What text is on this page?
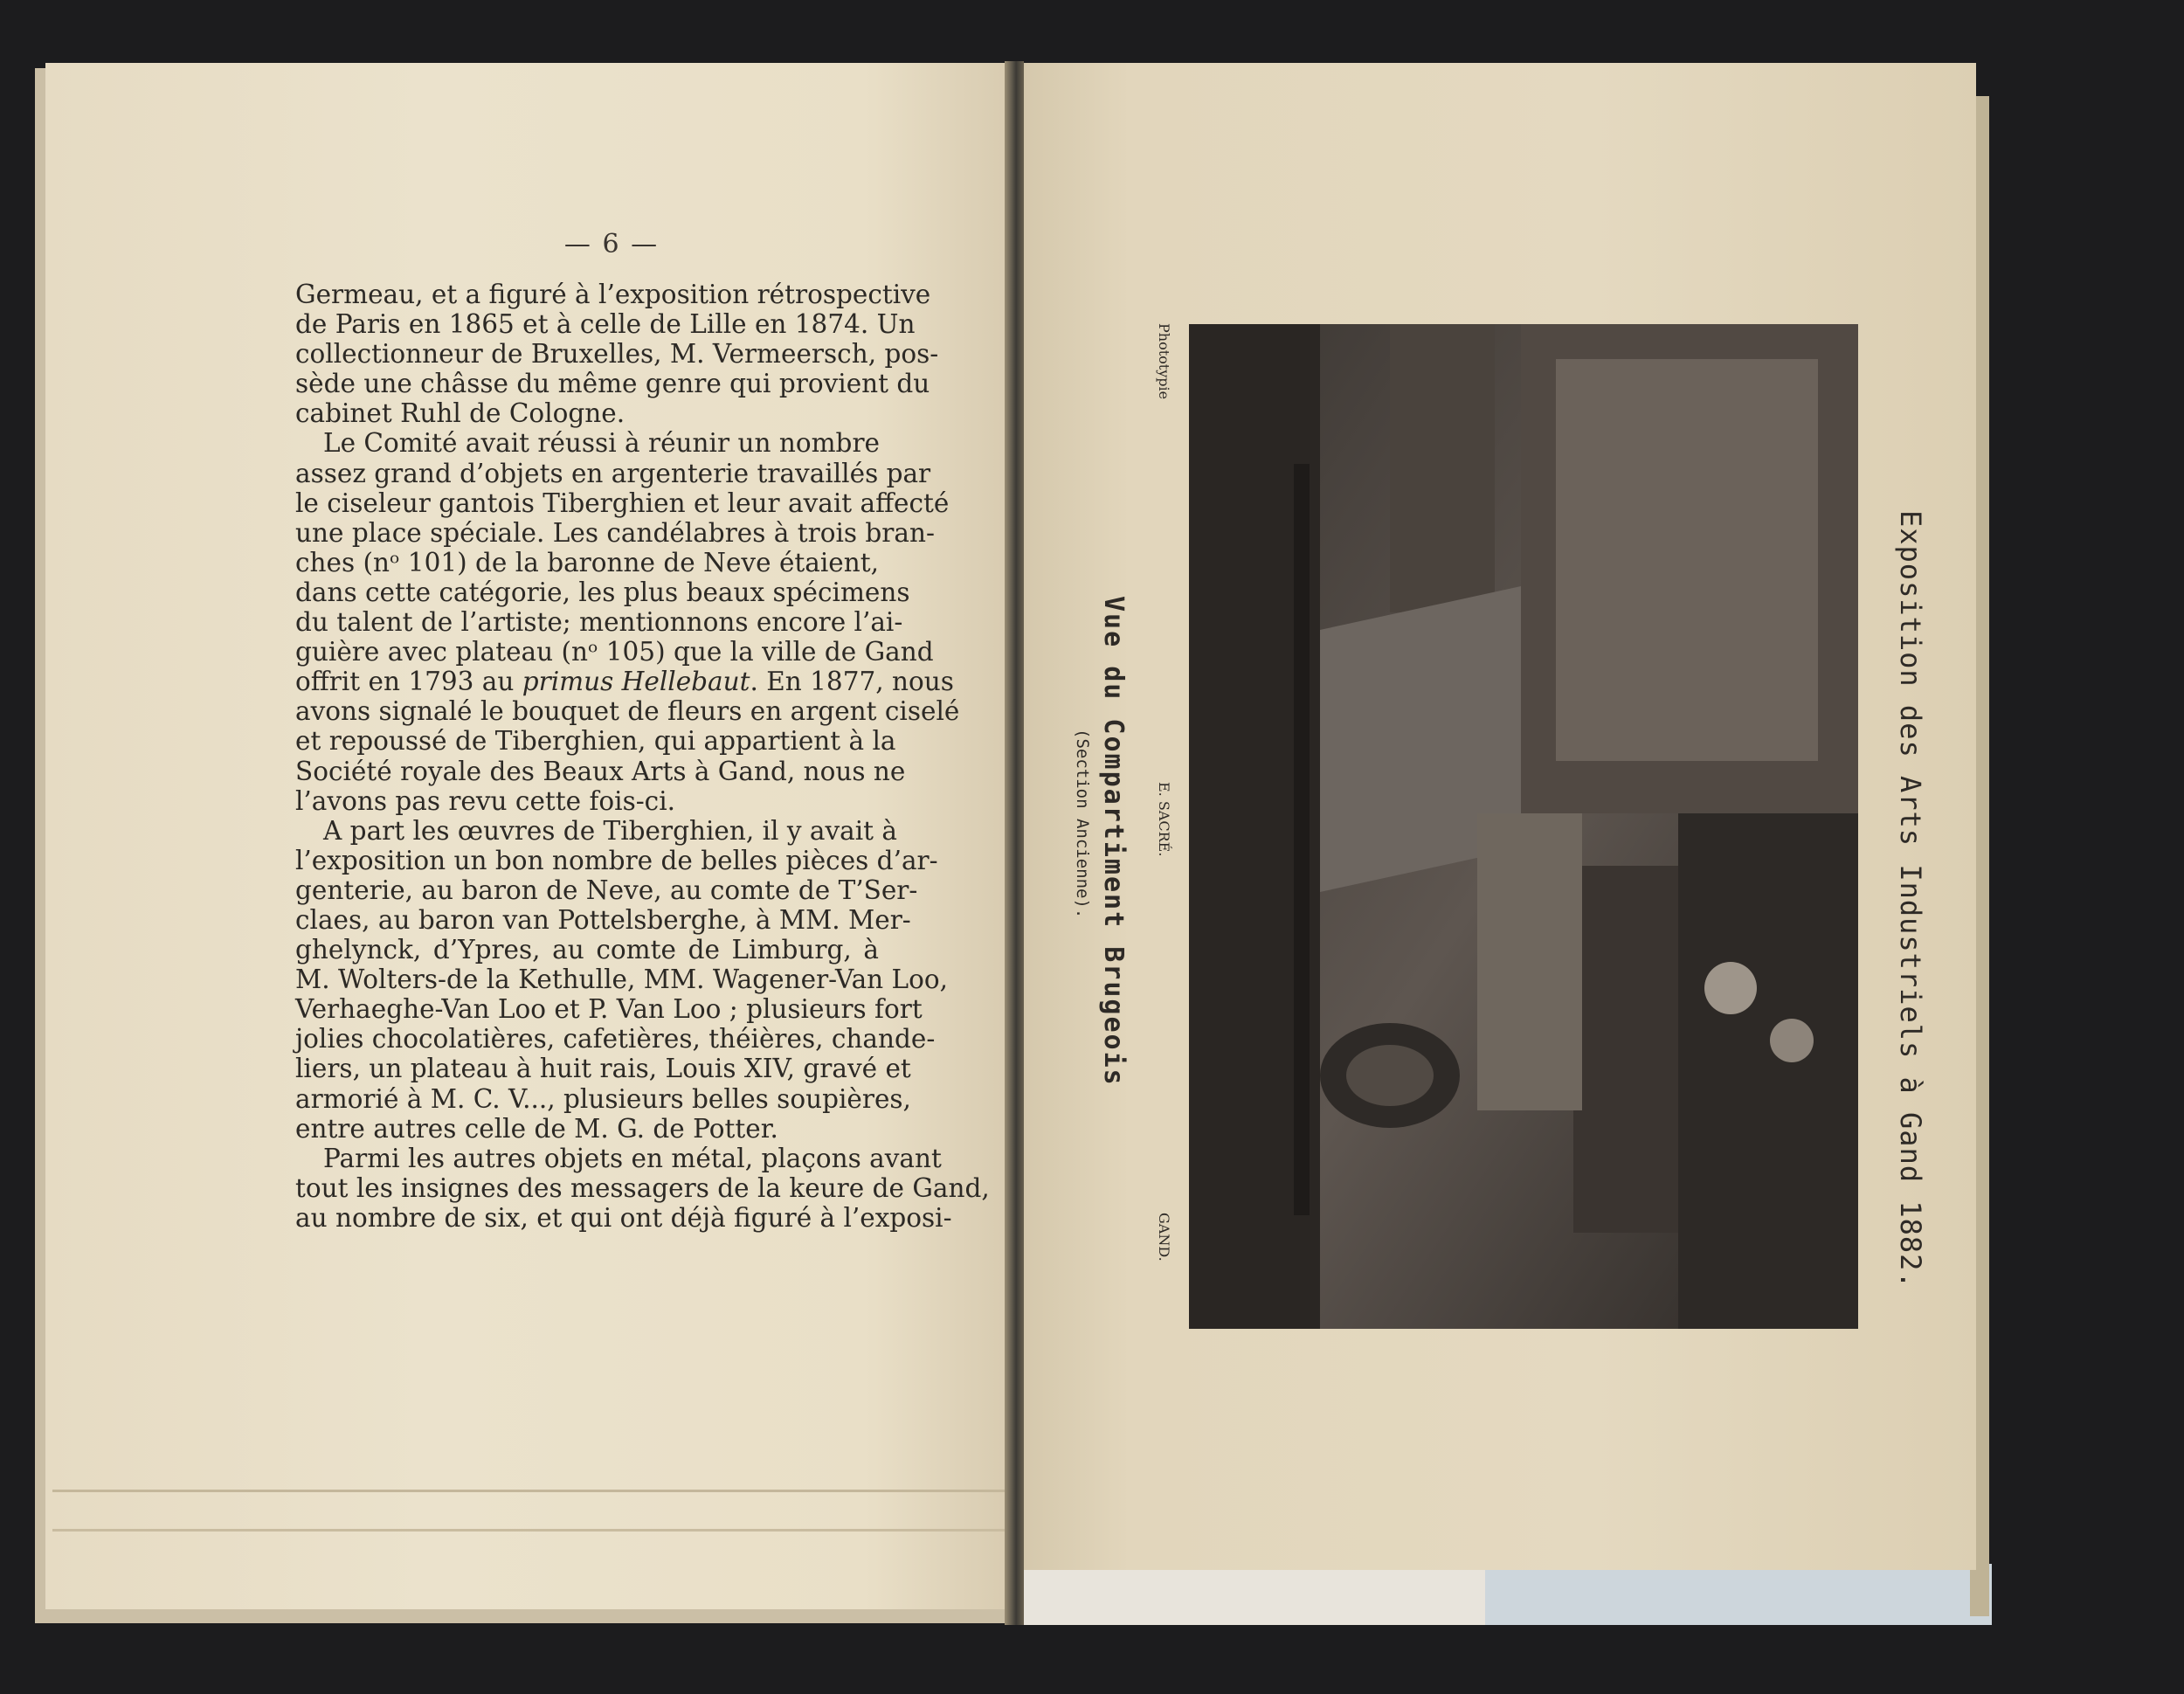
— 6 —
Germeau, et a figuré à l’exposition rétrospective
de Paris en 1865 et à celle de Lille en 1874. Un
collectionneur de Bruxelles, M. Vermeersch, pos-
sède une châsse du même genre qui provient du
cabinet Ruhl de Cologne.
Le Comité avait réussi à réunir un nombre
assez grand d’objets en argenterie travaillés par
le ciseleur gantois Tiberghien et leur avait affecté
une place spéciale. Les candélabres à trois bran-
ches (nᵒ 101) de la baronne de Neve étaient,
dans cette catégorie, les plus beaux spécimens
du talent de l’artiste; mentionnons encore l’ai-
guière avec plateau (nᵒ 105) que la ville de Gand
offrit en 1793 au primus Hellebaut. En 1877, nous
avons signalé le bouquet de fleurs en argent ciselé
et repoussé de Tiberghien, qui appartient à la
Société royale des Beaux Arts à Gand, nous ne
l’avons pas revu cette fois-ci.
A part les œuvres de Tiberghien, il y avait à
l’exposition un bon nombre de belles pièces d’ar-
genterie, au baron de Neve, au comte de T’Ser-
claes, au baron van Pottelsberghe, à MM. Mer-
ghelynck, d’Ypres, au comte de Limburg, à
M. Wolters-de la Kethulle, MM. Wagener-Van Loo,
Verhaeghe-Van Loo et P. Van Loo ; plusieurs fort
jolies chocolatières, cafetières, théières, chande-
liers, un plateau à huit rais, Louis XIV, gravé et
armorié à M. C. V..., plusieurs belles soupières,
entre autres celle de M. G. de Potter.
Parmi les autres objets en métal, plaçons avant
tout les insignes des messagers de la keure de Gand,
au nombre de six, et qui ont déjà figuré à l’exposi-	Exposition des Arts Industriels à Gand 1882.
Vue du Compartiment Brugeois
(Section Ancienne).
Phototypie
E. SACRÉ.
GAND.
